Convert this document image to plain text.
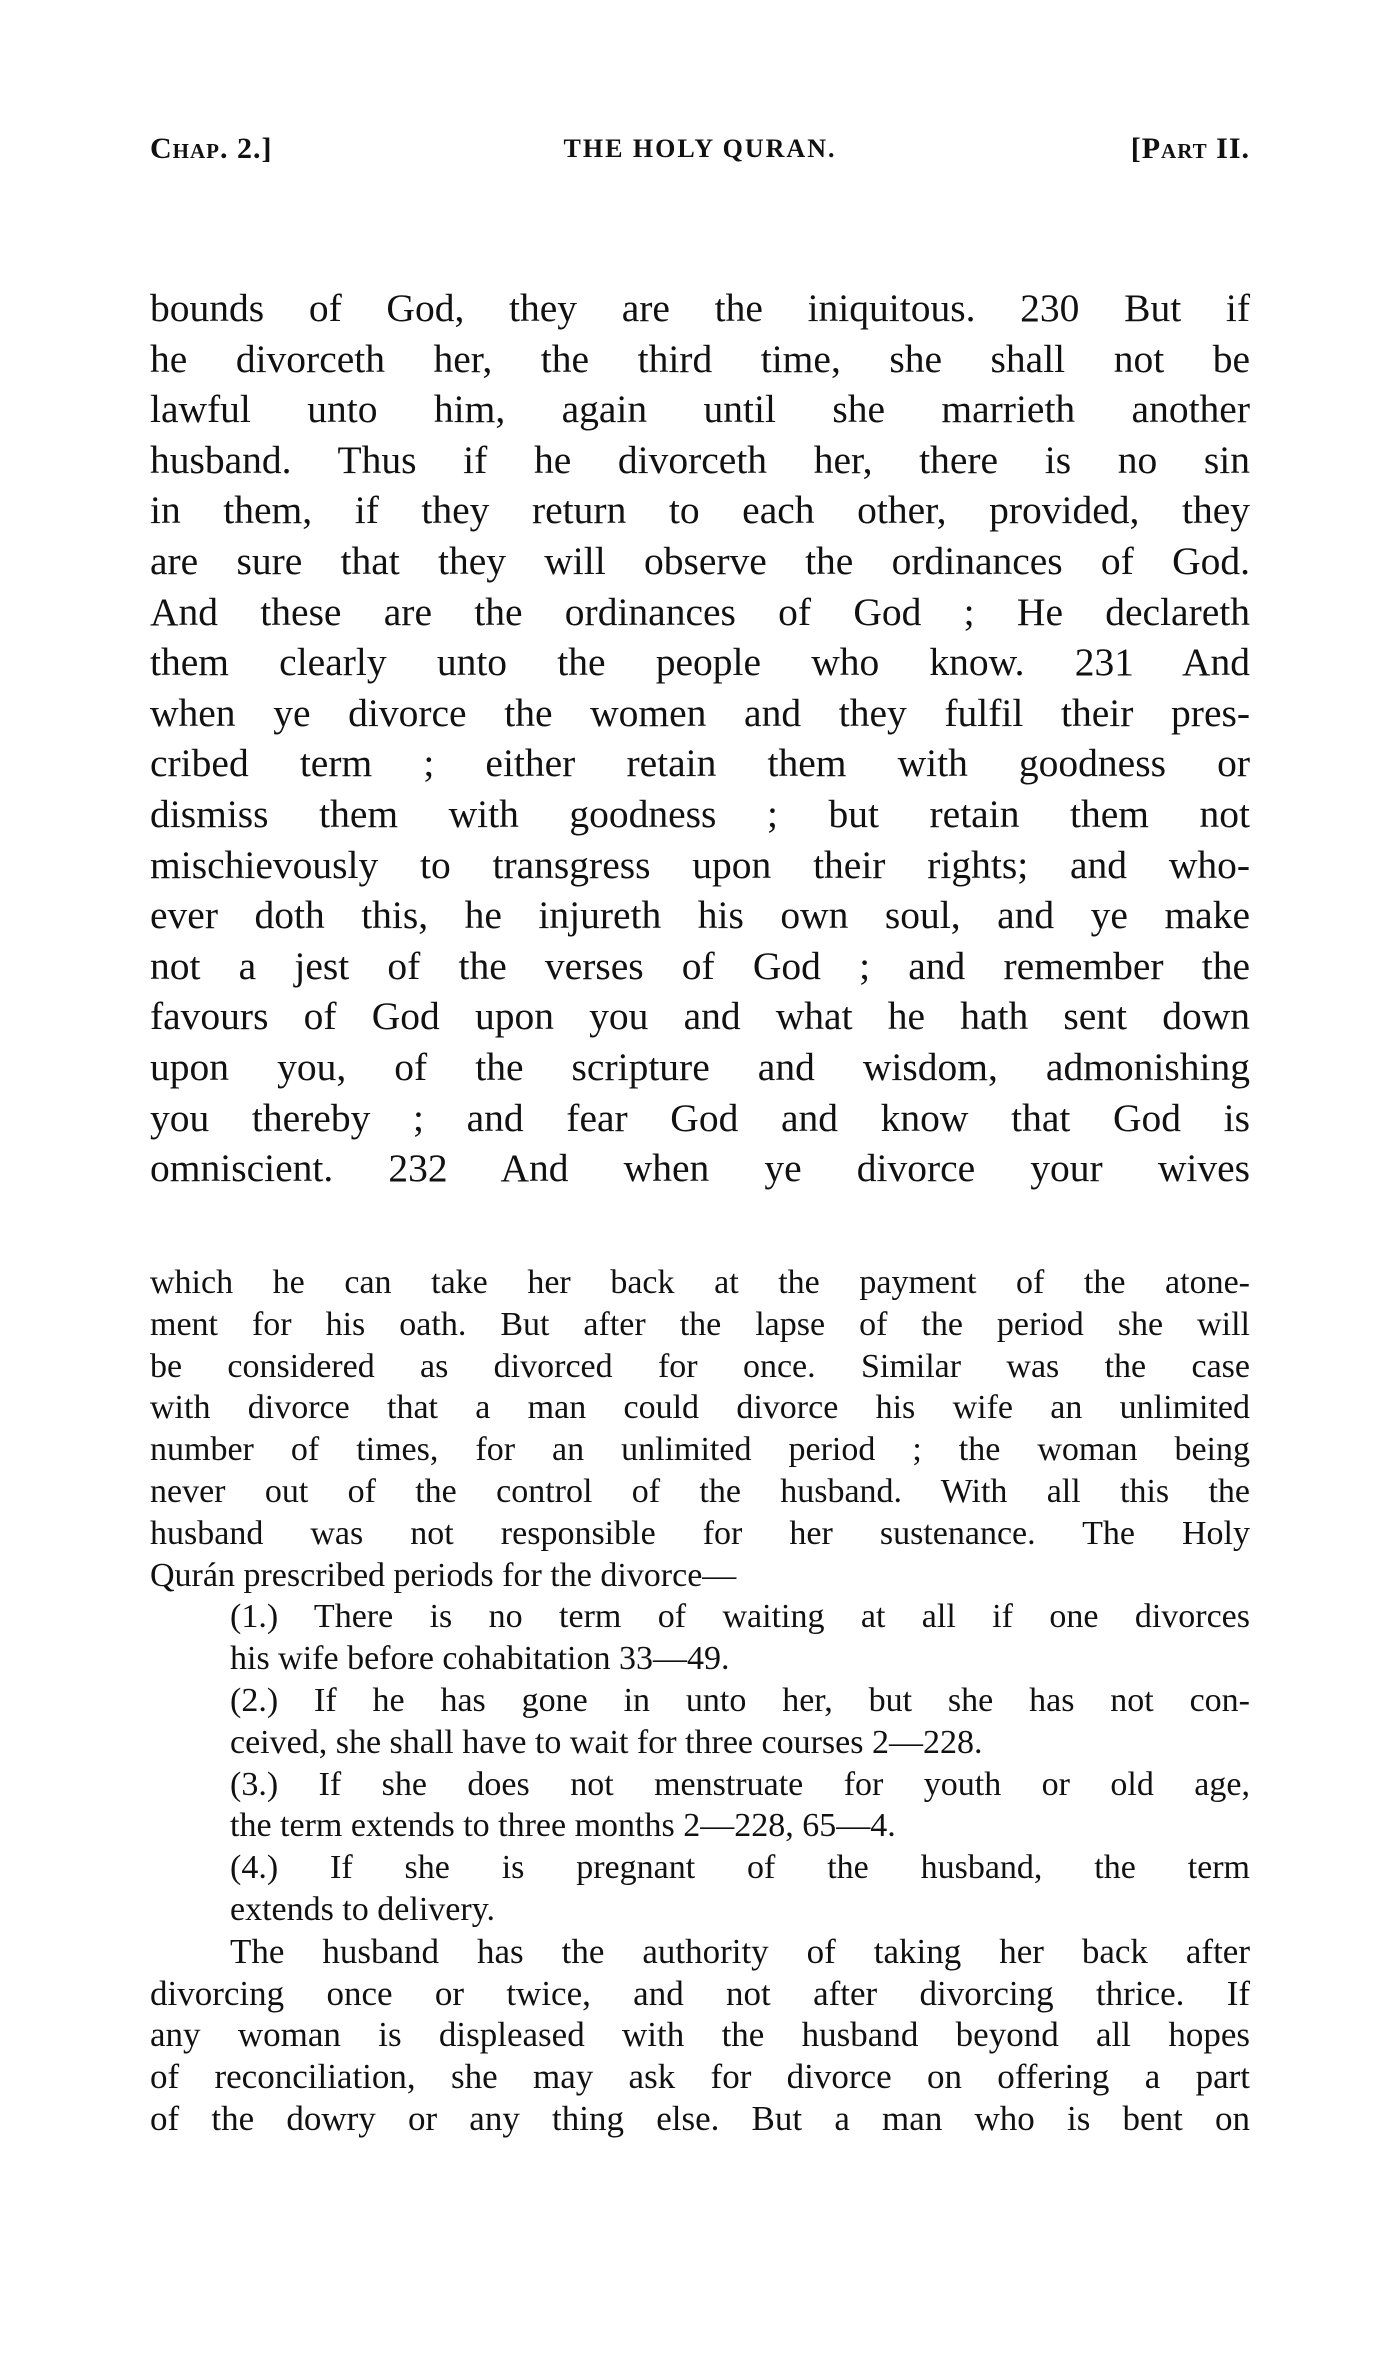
Chap. 2.]	THE HOLY QURAN.	[Part II.
bounds of God, they are the iniquitous. 230 But if
he divorceth her, the third time, she shall not be
lawful unto him, again until she marrieth another
husband. Thus if he divorceth her, there is no sin
in them, if they return to each other, provided, they
are sure that they will observe the ordinances of God.
And these are the ordinances of God ; He declareth
them clearly unto the people who know. 231 And
when ye divorce the women and they fulfil their pres-
cribed term ; either retain them with goodness or
dismiss them with goodness ; but retain them not
mischievously to transgress upon their rights; and who-
ever doth this, he injureth his own soul, and ye make
not a jest of the verses of God ; and remember the
favours of God upon you and what he hath sent down
upon you, of the scripture and wisdom, admonishing
you thereby ; and fear God and know that God is
omniscient. 232 And when ye divorce your wives
which he can take her back at the payment of the atone-
ment for his oath. But after the lapse of the period she will
be considered as divorced for once. Similar was the case
with divorce that a man could divorce his wife an unlimited
number of times, for an unlimited period ; the woman being
never out of the control of the husband. With all this the
husband was not responsible for her sustenance. The Holy
Qurán prescribed periods for the divorce—
(1.) There is no term of waiting at all if one divorces
his wife before cohabitation 33—49.
(2.) If he has gone in unto her, but she has not con-
ceived, she shall have to wait for three courses 2—228.
(3.) If she does not menstruate for youth or old age,
the term extends to three months 2—228, 65—4.
(4.) If she is pregnant of the husband, the term
extends to delivery.
The husband has the authority of taking her back after
divorcing once or twice, and not after divorcing thrice. If
any woman is displeased with the husband beyond all hopes
of reconciliation, she may ask for divorce on offering a part
of the dowry or any thing else. But a man who is bent on
